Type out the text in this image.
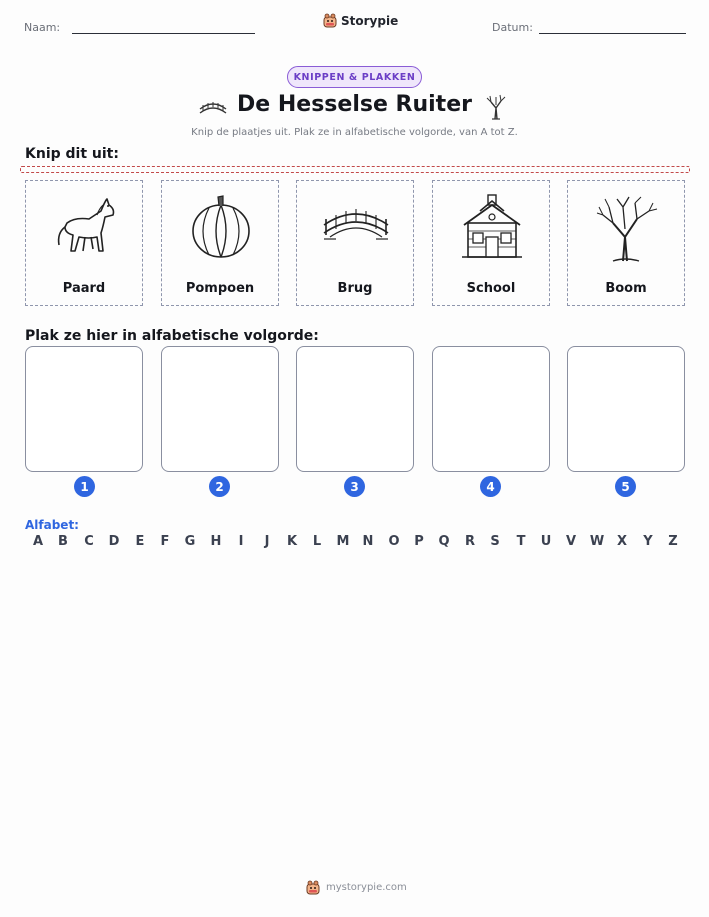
Naam:	Storypie	Datum:
KNIPPEN & PLAKKEN
De Hesselse Ruiter
Knip de plaatjes uit. Plak ze in alfabetische volgorde, van A tot Z.
Knip dit uit:
Paard	Pompoen	Brug	School	Boom
Plak ze hier in alfabetische volgorde:
1	2	3	4	5
Alfabet:
A	B	C	D	E	F	G	H	I	J	K	L	M	N	O	P	Q	R	S	T	U	V	W X	Y	Z
mystorypie.com
